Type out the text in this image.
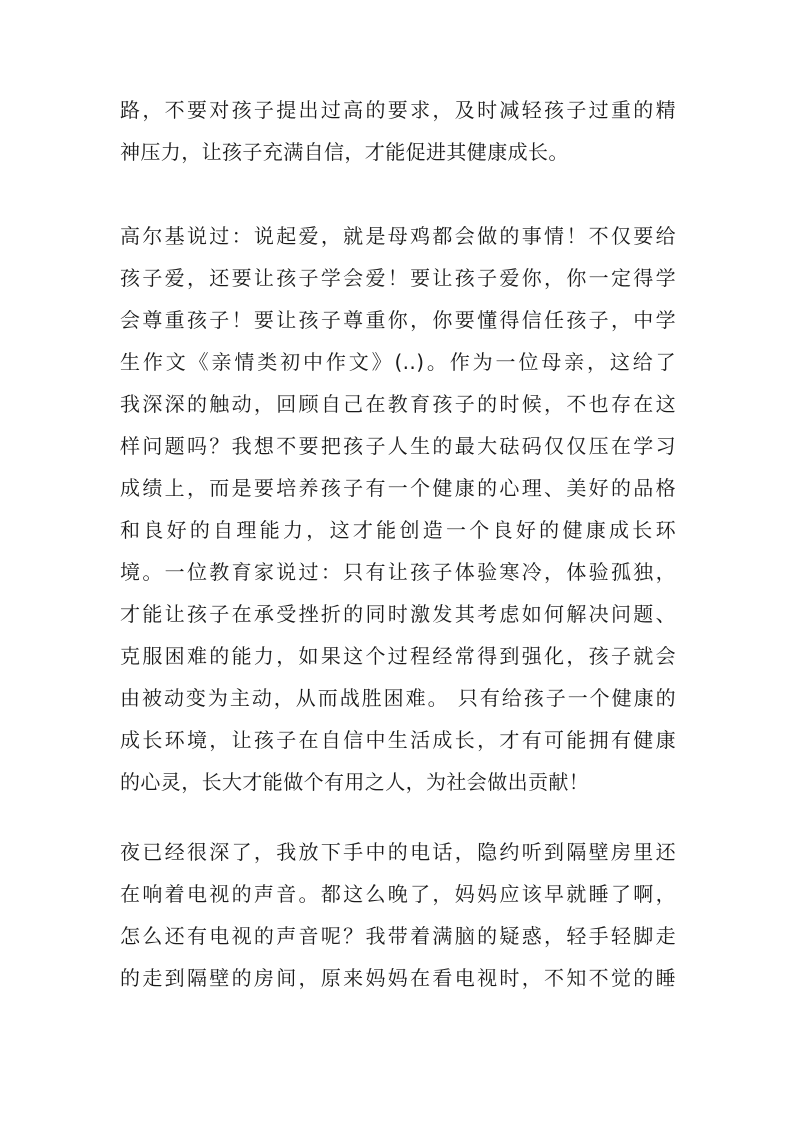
路，不要对孩子提出过高的要求，及时减轻孩子过重的精
神压力，让孩子充满自信，才能促进其健康成长。
高尔基说过：说起爱，就是母鸡都会做的事情！不仅要给
孩子爱，还要让孩子学会爱！要让孩子爱你，你一定得学
会尊重孩子！要让孩子尊重你，你要懂得信任孩子，中学
生作文《亲情类初中作文》(..)。作为一位母亲，这给了
我深深的触动，回顾自己在教育孩子的时候，不也存在这
样问题吗？我想不要把孩子人生的最大砝码仅仅压在学习
成绩上，而是要培养孩子有一个健康的心理、美好的品格
和良好的自理能力，这才能创造一个良好的健康成长环
境。一位教育家说过：只有让孩子体验寒冷，体验孤独，
才能让孩子在承受挫折的同时激发其考虑如何解决问题、
克服困难的能力，如果这个过程经常得到强化，孩子就会
由被动变为主动，从而战胜困难。 只有给孩子一个健康的
成长环境，让孩子在自信中生活成长，才有可能拥有健康
的心灵，长大才能做个有用之人，为社会做出贡献！
夜已经很深了，我放下手中的电话，隐约听到隔壁房里还
在响着电视的声音。都这么晚了，妈妈应该早就睡了啊，
怎么还有电视的声音呢？我带着满脑的疑惑，轻手轻脚走
的走到隔壁的房间，原来妈妈在看电视时，不知不觉的睡
